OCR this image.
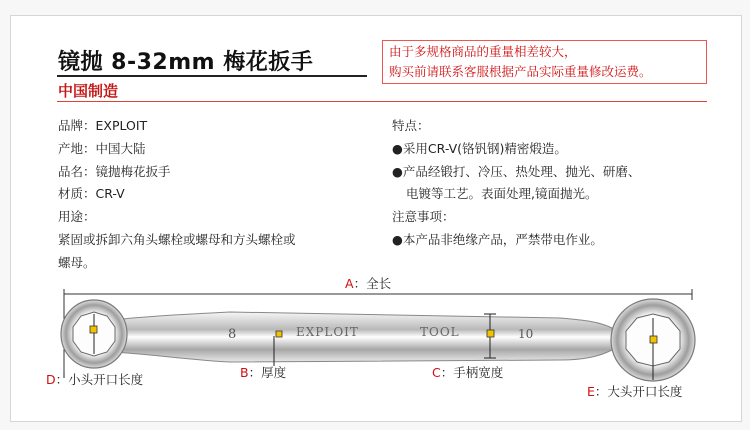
镜抛 8-32mm 梅花扳手
中国制造
由于多规格商品的重量相差较大，
购买前请联系客服根据产品实际重量修改运费。
品牌：EXPLOIT
产地：中国大陆
品名：镜抛梅花扳手
材质：CR-V
用途：
紧固或拆卸六角头螺栓或螺母和方头螺栓或
螺母。
特点：
●采用CR-V(铬钒钢)精密煅造。
●产品经锻打、冷压、热处理、抛光、研磨、
电镀等工艺。表面处理,镜面抛光。
注意事项：
●本产品非绝缘产品，严禁带电作业。
8	EXPLOIT	TOOL	10
A：全长
D：小头开口长度	B：厚度	C：手柄宽度
E：大头开口长度
